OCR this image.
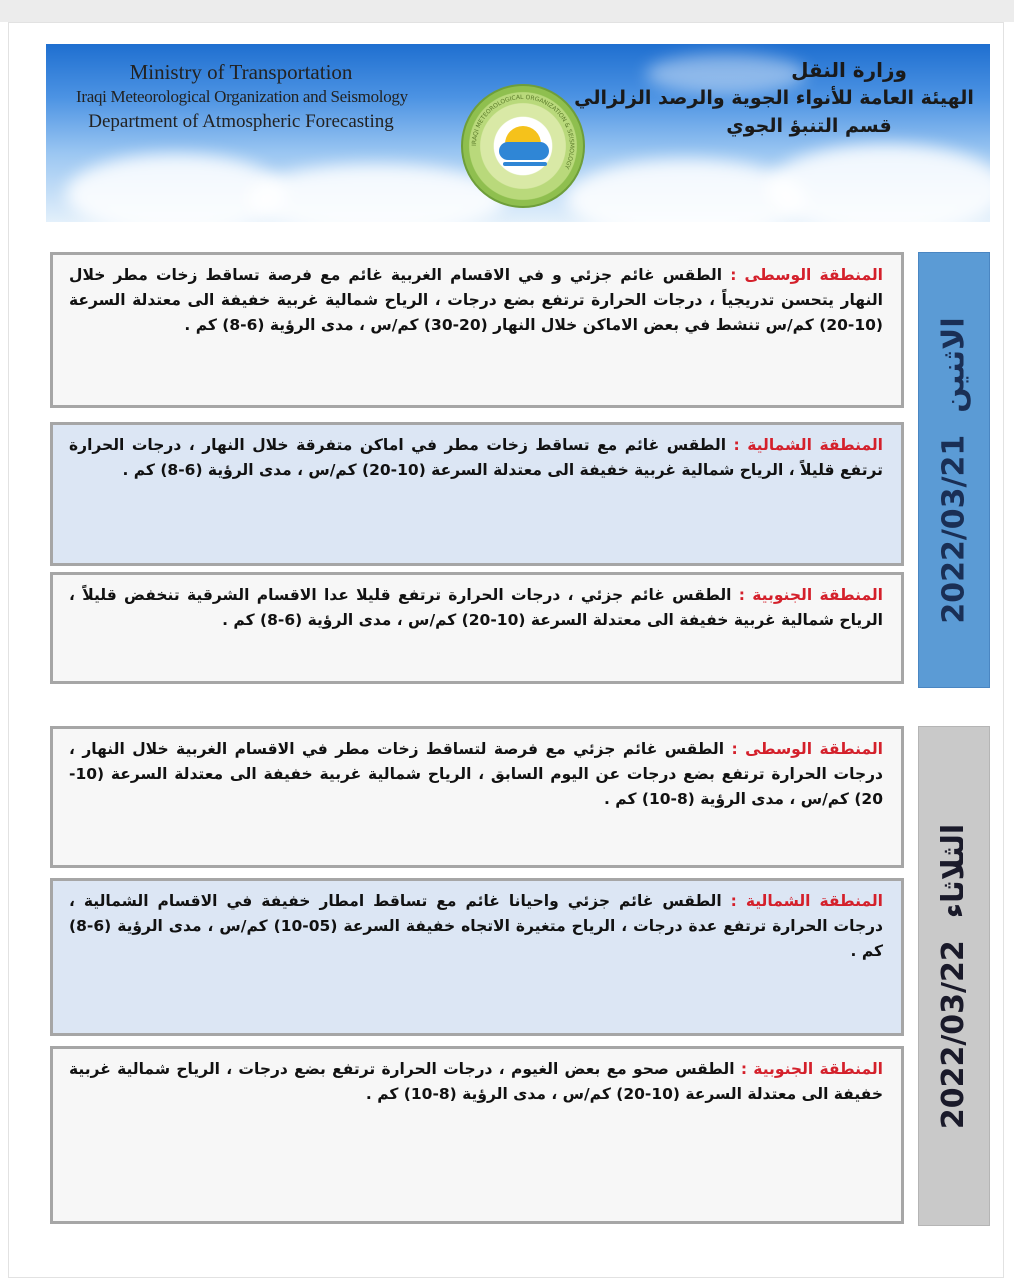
Ministry of Transportation
Iraqi Meteorological Organization and Seismology
Department of Atmospheric Forecasting
IRAQI METEOROLOGICAL ORGANIZATION & SEISMOLOGY
وزارة النقل
الهيئة العامة للأنواء الجوية والرصد الزلزالي
قسم التنبؤ الجوي
2022/03/21
الاثنين
المنطقة الوسطى : الطقس غائم جزئي و في الاقسام الغربية غائم مع فرصة تساقط زخات مطر خلال النهار يتحسن تدريجياً ، درجات الحرارة ترتفع بضع درجات ، الرياح شمالية غربية خفيفة الى معتدلة السرعة (10-20) كم/س تنشط في بعض الاماكن خلال النهار (20-30) كم/س ، مدى الرؤية (6-8) كم .
المنطقة الشمالية : الطقس غائم مع تساقط زخات مطر في اماكن متفرقة خلال النهار ، درجات الحرارة ترتفع قليلاً ، الرياح شمالية غربية خفيفة الى معتدلة السرعة (10-20) كم/س ، مدى الرؤية (6-8) كم .
المنطقة الجنوبية : الطقس غائم جزئي ، درجات الحرارة ترتفع قليلا عدا الاقسام الشرقية تنخفض قليلاً ، الرياح شمالية غربية خفيفة الى معتدلة السرعة (10-20) كم/س ، مدى الرؤية (6-8) كم .
2022/03/22
الثلاثاء
المنطقة الوسطى : الطقس غائم جزئي مع فرصة لتساقط زخات مطر في الاقسام الغربية خلال النهار ، درجات الحرارة ترتفع بضع درجات عن اليوم السابق ، الرياح شمالية غربية خفيفة الى معتدلة السرعة (10-20) كم/س ، مدى الرؤية (8-10) كم .
المنطقة الشمالية : الطقس غائم جزئي واحيانا غائم مع تساقط امطار خفيفة في الاقسام الشمالية ، درجات الحرارة ترتفع عدة درجات ، الرياح متغيرة الاتجاه خفيفة السرعة (05-10) كم/س ، مدى الرؤية (6-8) كم .
المنطقة الجنوبية : الطقس صحو مع بعض الغيوم ، درجات الحرارة ترتفع بضع درجات ، الرياح شمالية غربية خفيفة الى معتدلة السرعة (10-20) كم/س ، مدى الرؤية (8-10) كم .
